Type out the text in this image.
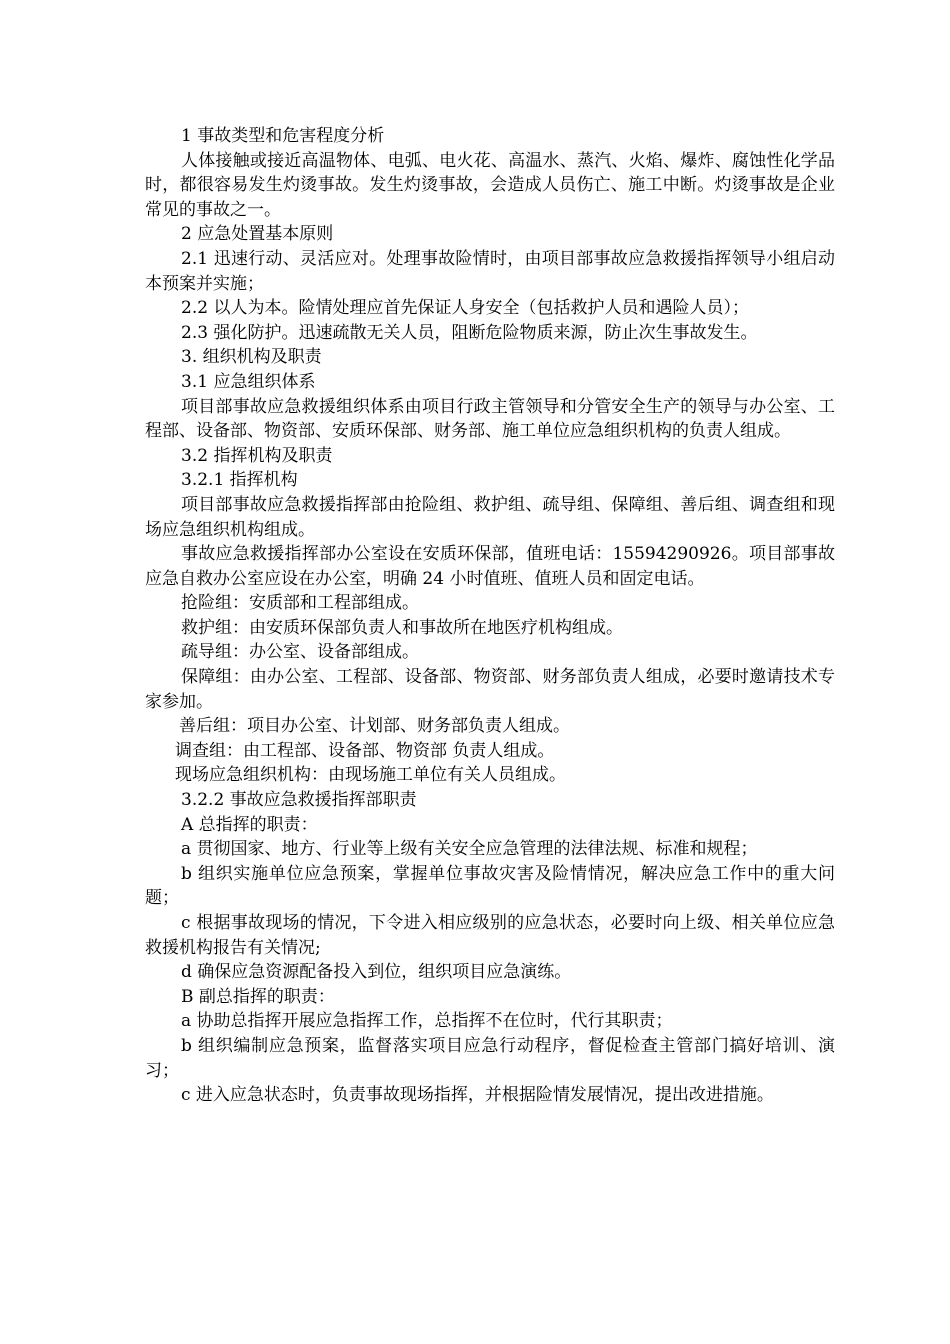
1 事故类型和危害程度分析

人体接触或接近高温物体、电弧、电火花、高温水、蒸汽、火焰、爆炸、腐蚀性化学品时，都很容易发生灼烫事故。发生灼烫事故，会造成人员伤亡、施工中断。灼烫事故是企业常见的事故之一。

2 应急处置基本原则

2.1 迅速行动、灵活应对。处理事故险情时，由项目部事故应急救援指挥领导小组启动本预案并实施；

2.2 以人为本。险情处理应首先保证人身安全（包括救护人员和遇险人员）；

2.3 强化防护。迅速疏散无关人员，阻断危险物质来源，防止次生事故发生。

3. 组织机构及职责

3.1 应急组织体系

项目部事故应急救援组织体系由项目行政主管领导和分管安全生产的领导与办公室、工程部、设备部、物资部、安质环保部、财务部、施工单位应急组织机构的负责人组成。

3.2 指挥机构及职责

3.2.1 指挥机构

项目部事故应急救援指挥部由抢险组、救护组、疏导组、保障组、善后组、调查组和现场应急组织机构组成。

事故应急救援指挥部办公室设在安质环保部，值班电话：15594290926。项目部事故应急自救办公室应设在办公室，明确 24 小时值班、值班人员和固定电话。

抢险组：安质部和工程部组成。

救护组：由安质环保部负责人和事故所在地医疗机构组成。

疏导组：办公室、设备部组成。

保障组：由办公室、工程部、设备部、物资部、财务部负责人组成，必要时邀请技术专家参加。

善后组：项目办公室、计划部、财务部负责人组成。

调查组：由工程部、设备部、物资部 负责人组成。

现场应急组织机构：由现场施工单位有关人员组成。

3.2.2 事故应急救援指挥部职责

A 总指挥的职责：

a 贯彻国家、地方、行业等上级有关安全应急管理的法律法规、标准和规程；

b 组织实施单位应急预案，掌握单位事故灾害及险情情况，解决应急工作中的重大问题；

c 根据事故现场的情况，下令进入相应级别的应急状态，必要时向上级、相关单位应急救援机构报告有关情况;

d 确保应急资源配备投入到位，组织项目应急演练。

B 副总指挥的职责：

a 协助总指挥开展应急指挥工作，总指挥不在位时，代行其职责；

b 组织编制应急预案，监督落实项目应急行动程序，督促检查主管部门搞好培训、演习；

c 进入应急状态时，负责事故现场指挥，并根据险情发展情况，提出改进措施。
